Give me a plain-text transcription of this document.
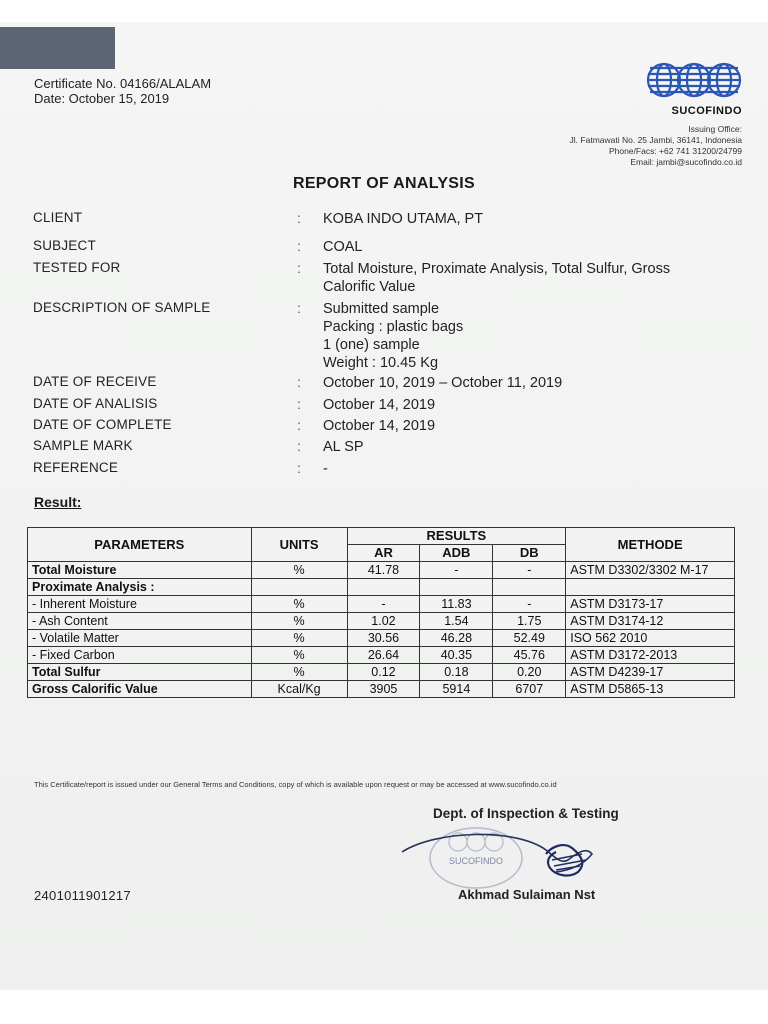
Certificate No. 04166/ALALAM
Date: October 15, 2019
SUCOFINDO
Issuing Office:
Jl. Fatmawati No. 25 Jambi, 36141, Indonesia
Phone/Facs: +62 741 31200/24799
Email: jambi@sucofindo.co.id
REPORT OF ANALYSIS
CLIENT	: KOBA INDO UTAMA, PT
SUBJECT	: COAL
TESTED FOR	: Total Moisture, Proximate Analysis, Total Sulfur, Gross
Calorific Value
DESCRIPTION OF SAMPLE	: Submitted sample
Packing : plastic bags
1 (one) sample
Weight : 10.45 Kg
DATE OF RECEIVE	: October 10, 2019 – October 11, 2019
DATE OF ANALISIS	: October 14, 2019
DATE OF COMPLETE	: October 14, 2019
SAMPLE MARK	: AL SP
REFERENCE	: -
Result:
PARAMETERS	UNITS	RESULTS			METHODE
		AR	ADB	DB	
Total Moisture	%	41.78	-	-	ASTM D3302/3302 M-17
Proximate Analysis :					
- Inherent Moisture	%	-	11.83	-	ASTM D3173-17
- Ash Content	%	1.02	1.54	1.75	ASTM D3174-12
- Volatile Matter	%	30.56	46.28	52.49	ISO 562 2010
- Fixed Carbon	%	26.64	40.35	45.76	ASTM D3172-2013
Total Sulfur	%	0.12	0.18	0.20	ASTM D4239-17
Gross Calorific Value	Kcal/Kg	3905	5914	6707	ASTM D5865-13
This Certificate/report is issued under our General Terms and Conditions, copy of which is available upon request or may be accessed at www.sucofindo.co.id
Dept. of Inspection & Testing
SUCOFINDO
Akhmad Sulaiman Nst
2401011901217
